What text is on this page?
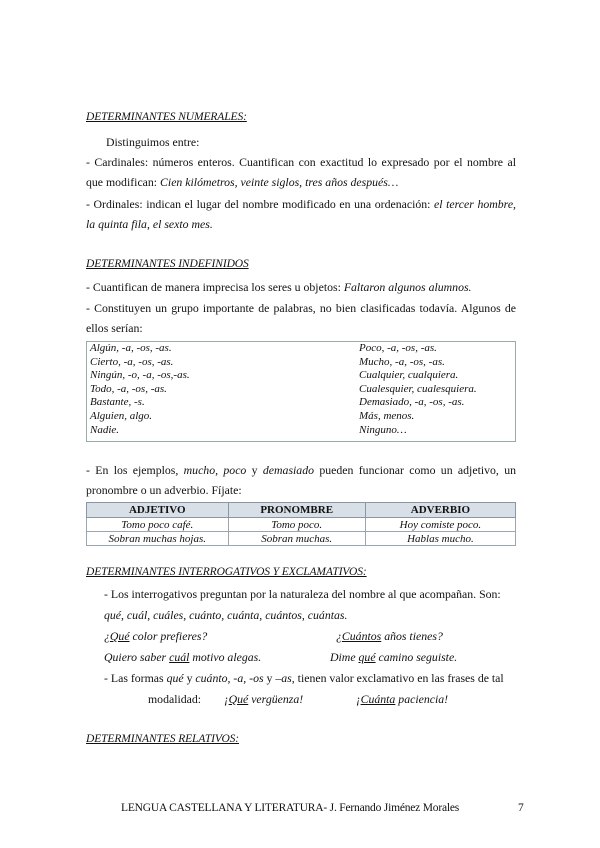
DETERMINANTES NUMERALES:
Distinguimos entre:

- Cardinales: números enteros. Cuantifican con exactitud lo expresado por el nombre al que modifican: Cien kilómetros, veinte siglos, tres años después…

- Ordinales: indican el lugar del nombre modificado en una ordenación: el tercer hombre, la quinta fila, el sexto mes.

DETERMINANTES INDEFINIDOS

- Cuantifican de manera imprecisa los seres u objetos: Faltaron algunos alumnos.

- Constituyen un grupo importante de palabras, no bien clasificadas todavía. Algunos de ellos serían:

Algún, -a, -os, -as.	Poco, -a, -os, -as.
Cierto, -a, -os, -as.	Mucho, -a, -os, -as.
Ningún, -o, -a, -os,-as.	Cualquier, cualquiera.
Todo, -a, -os, -as.	Cualesquier, cualesquiera.
Bastante, -s.	Demasiado, -a, -os, -as.
Alguien, algo.	Más, menos.
Nadie.	Ninguno…

- En los ejemplos, mucho, poco y demasiado pueden funcionar como un adjetivo, un pronombre o un adverbio. Fíjate:

ADJETIVO	PRONOMBRE	ADVERBIO
Tomo poco café.	Tomo poco.	Hoy comiste poco.
Sobran muchas hojas.	Sobran muchas.	Hablas mucho.
DETERMINANTES INTERROGATIVOS Y EXCLAMATIVOS:
- Los interrogativos preguntan por la naturaleza del nombre al que acompañan. Son:
qué, cuál, cuáles, cuánto, cuánta, cuántos, cuántas.
¿Qué color prefieres?	¿Cuántos años tienes?
Quiero saber cuál motivo alegas.	Dime qué camino seguiste.
- Las formas qué y cuánto, -a, -os y –as, tienen valor exclamativo en las frases de tal
modalidad: ¡Qué vergüenza!	¡Cuánta paciencia!
DETERMINANTES RELATIVOS:
LENGUA CASTELLANA Y LITERATURA- J. Fernando Jiménez Morales	7
